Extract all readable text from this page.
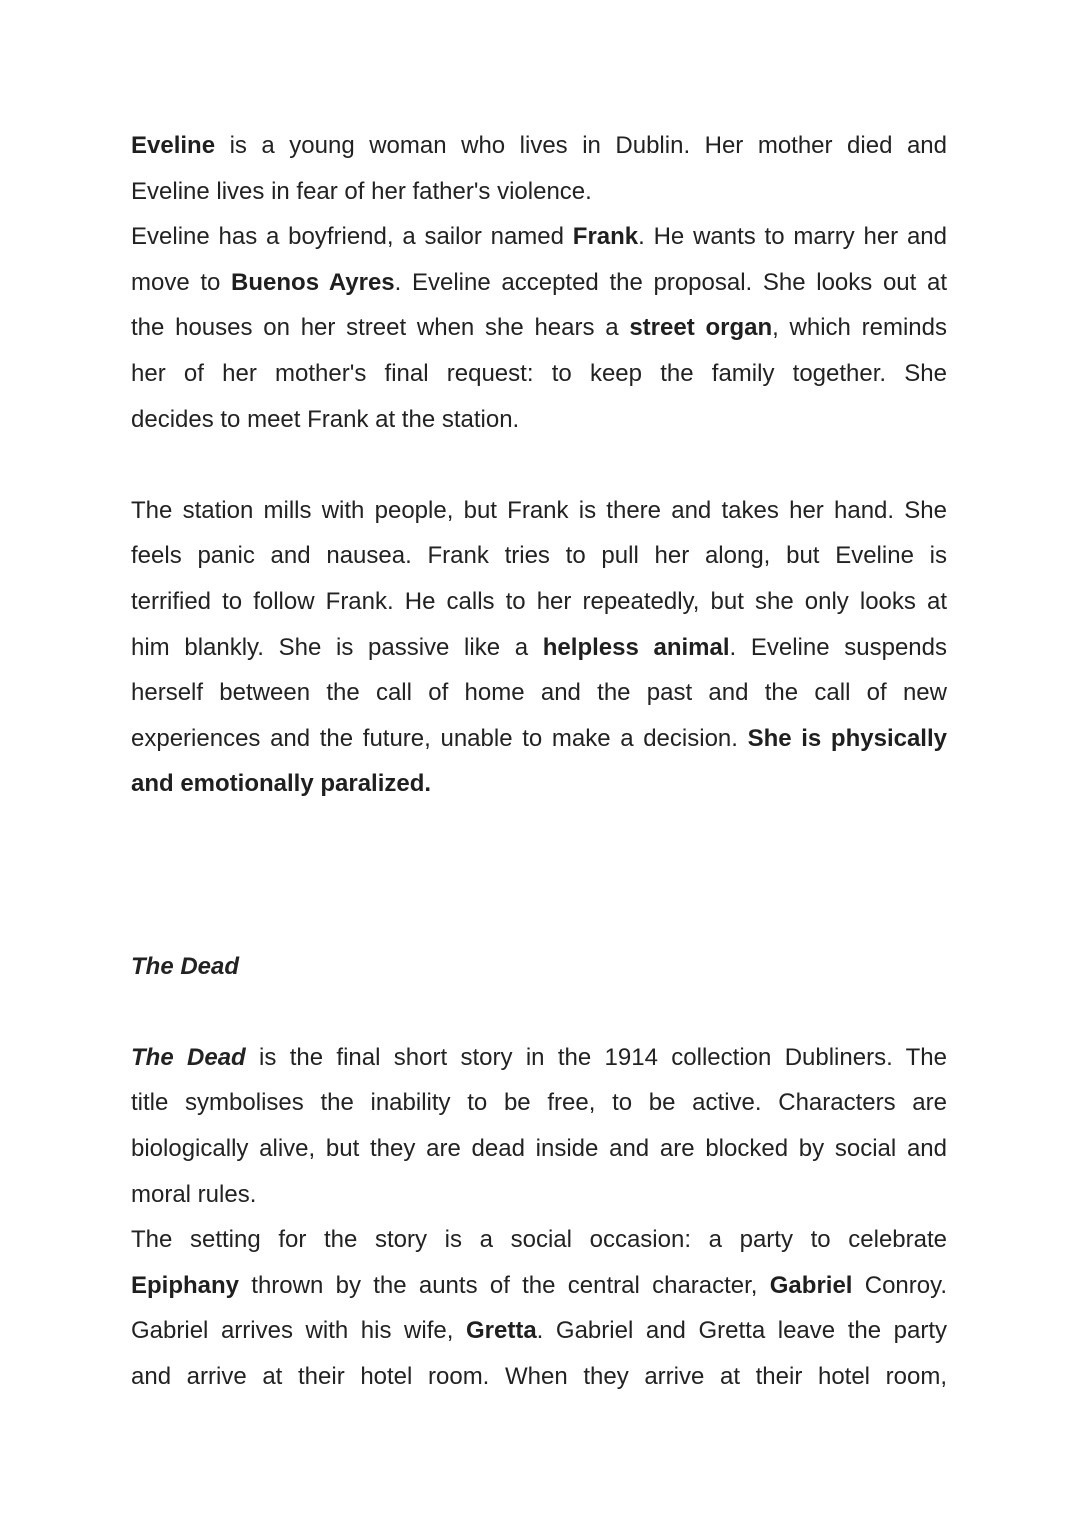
Eveline is a young woman who lives in Dublin. Her mother died and

Eveline lives in fear of her father's violence.

Eveline has a boyfriend, a sailor named Frank. He wants to marry her and

move to Buenos Ayres. Eveline accepted the proposal. She looks out at

the houses on her street when she hears a street organ, which reminds

her of her mother's final request: to keep the family together. She

decides to meet Frank at the station.

The station mills with people, but Frank is there and takes her hand. She

feels panic and nausea. Frank tries to pull her along, but Eveline is

terrified to follow Frank. He calls to her repeatedly, but she only looks at

him blankly. She is passive like a helpless animal. Eveline suspends

herself between the call of home and the past and the call of new

experiences and the future, unable to make a decision. She is physically

and emotionally paralized.

The Dead

The Dead is the final short story in the 1914 collection Dubliners. The

title symbolises the inability to be free, to be active. Characters are

biologically alive, but they are dead inside and are blocked by social and

moral rules.

The setting for the story is a social occasion: a party to celebrate

Epiphany thrown by the aunts of the central character, Gabriel Conroy.

Gabriel arrives with his wife, Gretta. Gabriel and Gretta leave the party

and arrive at their hotel room. When they arrive at their hotel room,
